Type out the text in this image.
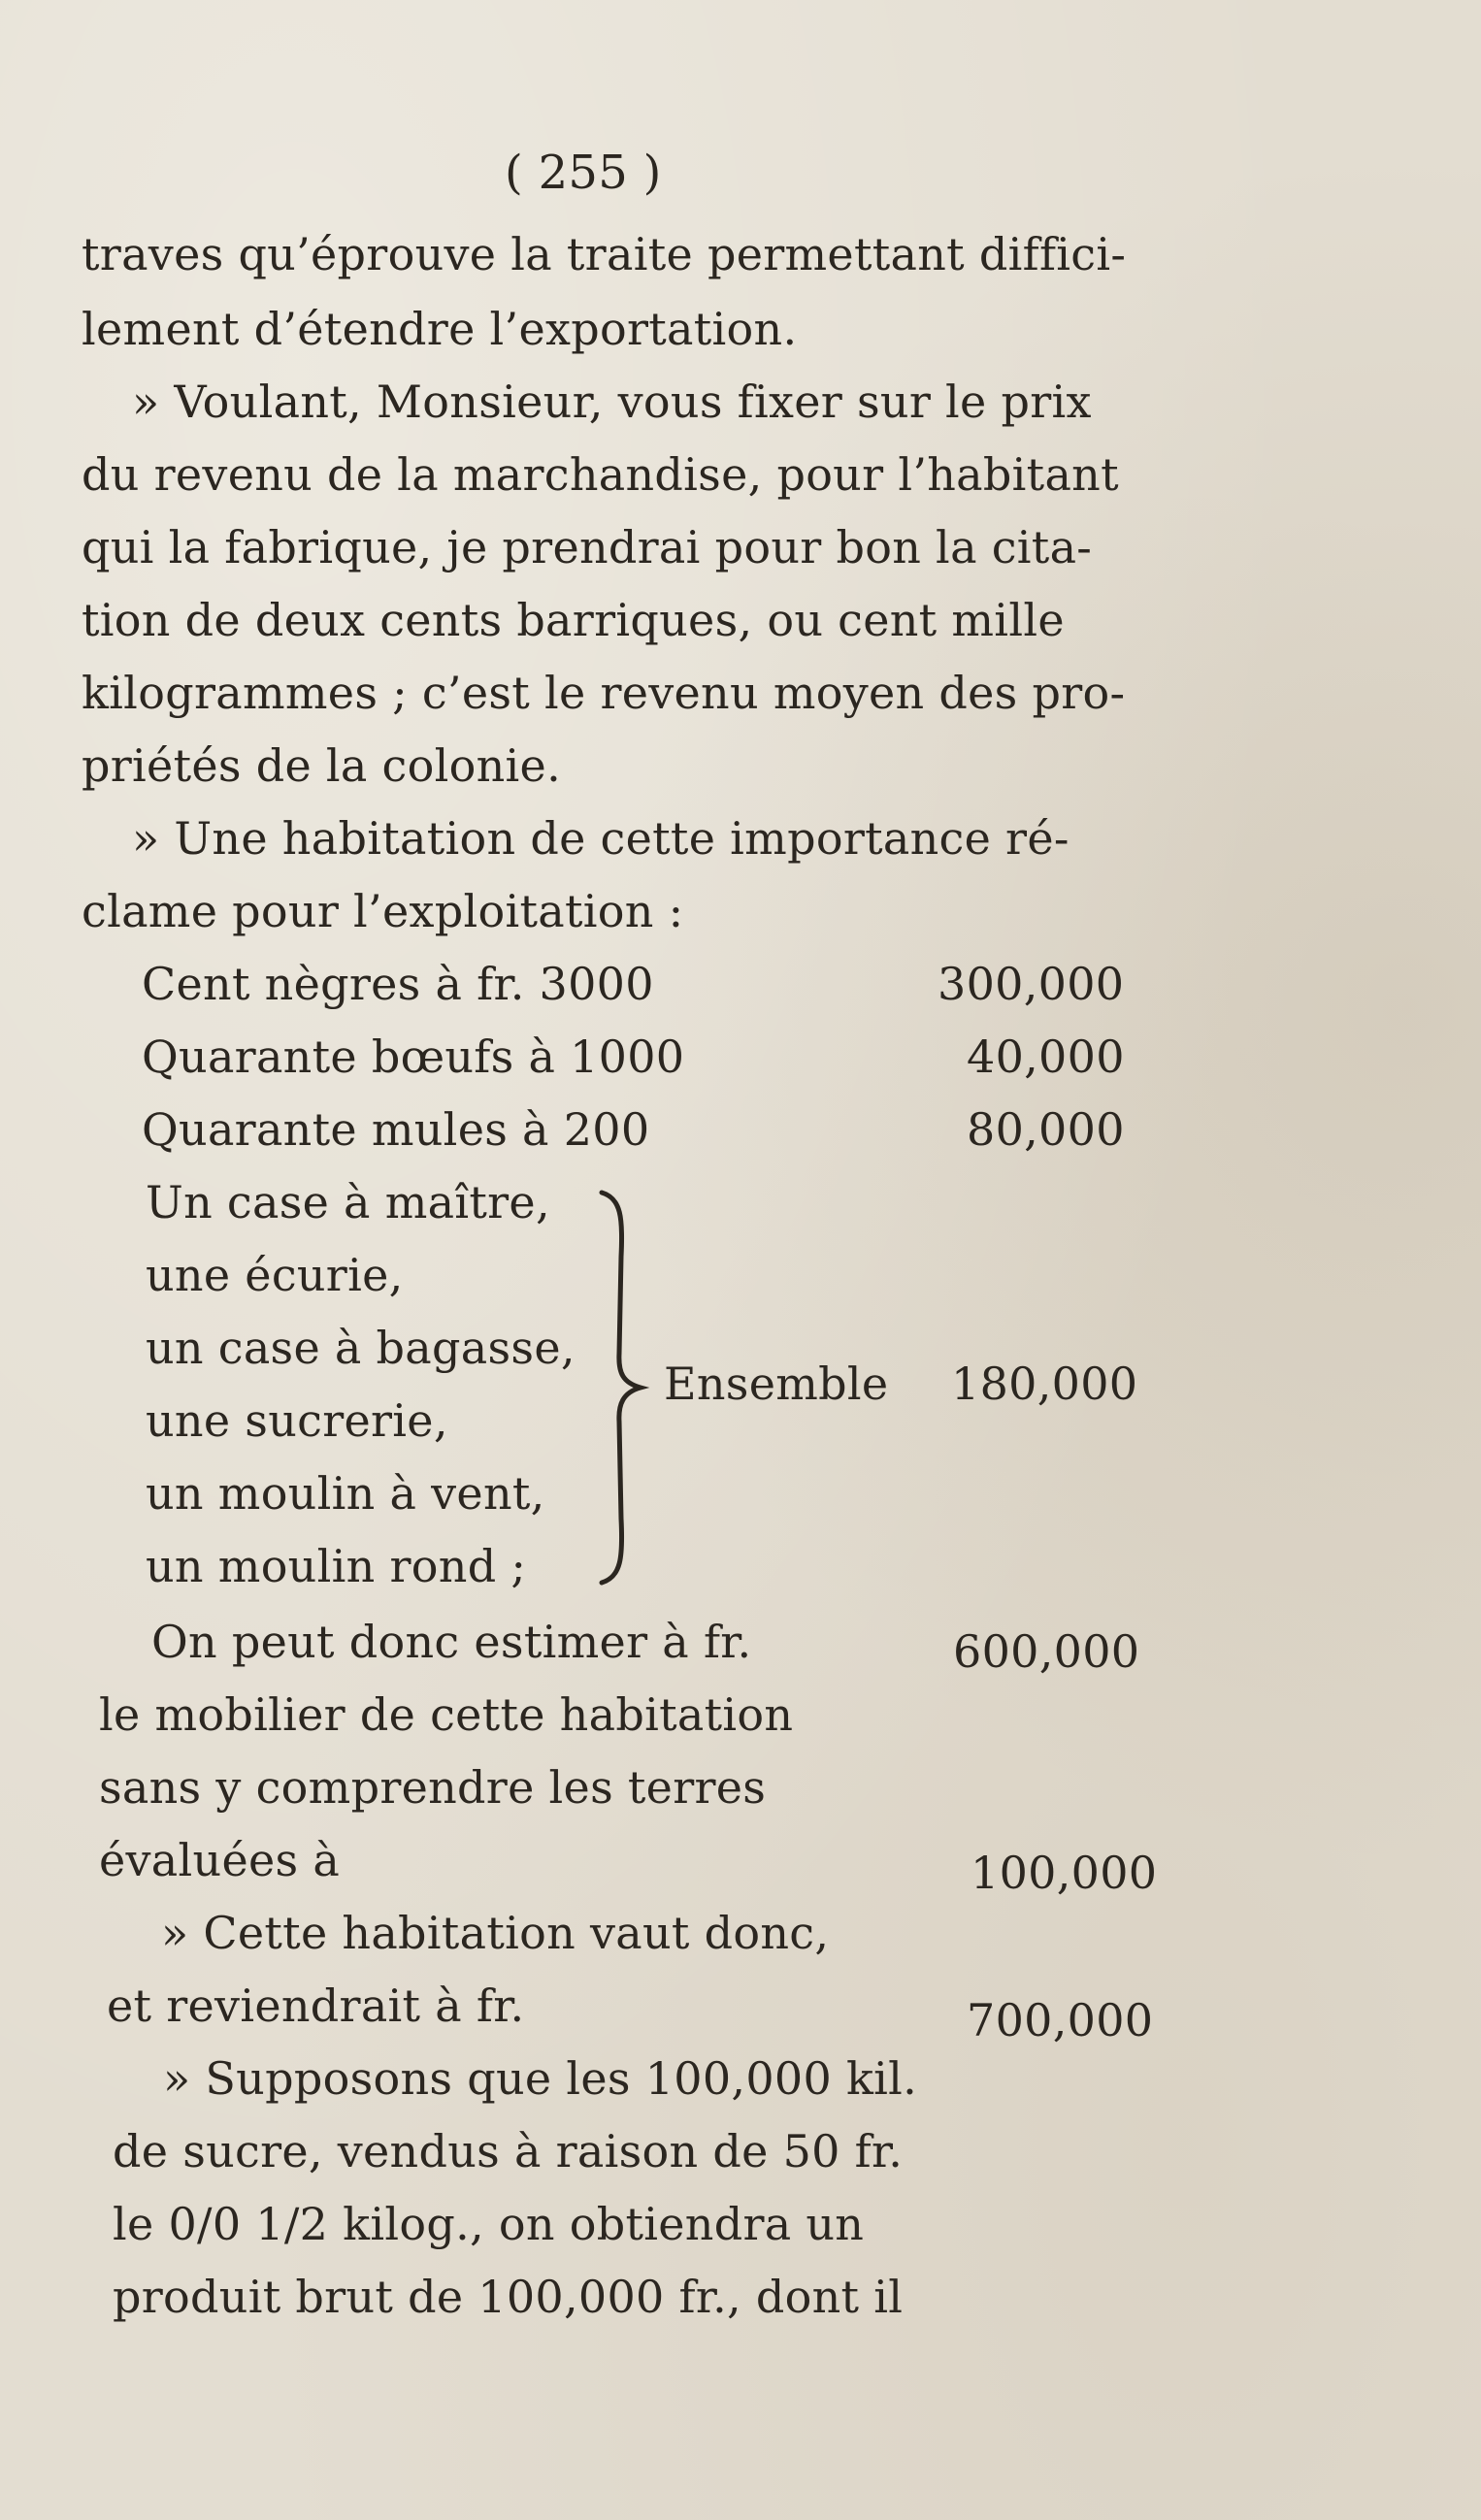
( 255 )
traves qu’éprouve la traite permettant diffici-
lement d’étendre l’exportation.
» Voulant, Monsieur, vous fixer sur le prix
du revenu de la marchandise, pour l’habitant
qui la fabrique, je prendrai pour bon la cita-
tion de deux cents barriques, ou cent mille
kilogrammes ; c’est le revenu moyen des pro-
priétés de la colonie.
» Une habitation de cette importance ré-
clame pour l’exploitation :
Cent nègres à fr. 3000	300,000
Quarante bœufs à 1000	40,000
Quarante mules à 200	80,000
Un case à maître,
une écurie,
un case à bagasse,
une sucrerie,
un moulin à vent,
un moulin rond ;
Ensemble 180,000
On peut donc estimer à fr.	600,000
le mobilier de cette habitation
sans y comprendre les terres
évaluées à	100,000
» Cette habitation vaut donc,
et reviendrait à fr.	700,000
» Supposons que les 100,000 kil.
de sucre, vendus à raison de 50 fr.
le 0/0 1/2 kilog., on obtiendra un
produit brut de 100,000 fr., dont il
